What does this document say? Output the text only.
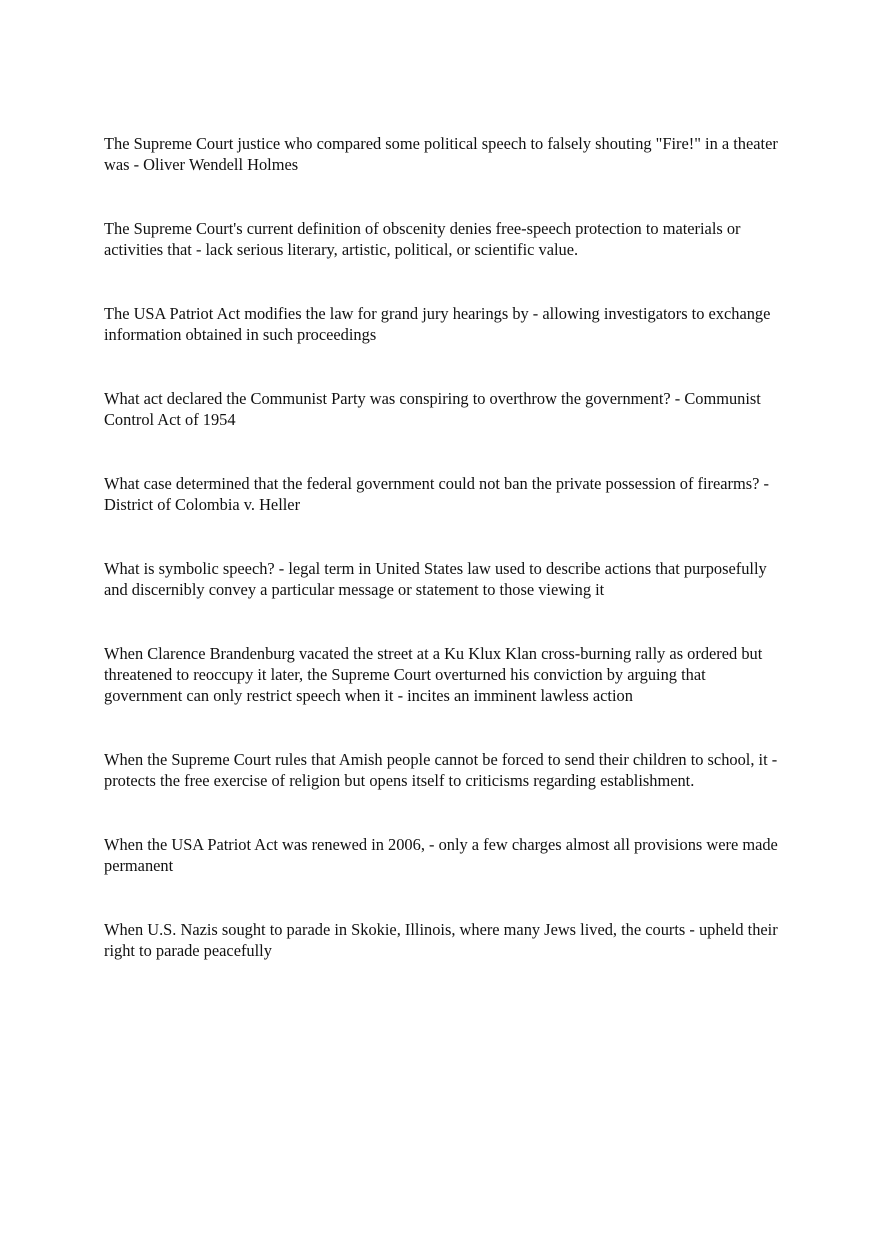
The Supreme Court justice who compared some political speech to falsely shouting "Fire!" in a theater was - Oliver Wendell Holmes

The Supreme Court's current definition of obscenity denies free-speech protection to materials or activities that - lack serious literary, artistic, political, or scientific value.

The USA Patriot Act modifies the law for grand jury hearings by - allowing investigators to exchange information obtained in such proceedings

What act declared the Communist Party was conspiring to overthrow the government? - Communist Control Act of 1954

What case determined that the federal government could not ban the private possession of firearms? - District of Colombia v. Heller

What is symbolic speech? - legal term in United States law used to describe actions that purposefully and discernibly convey a particular message or statement to those viewing it

When Clarence Brandenburg vacated the street at a Ku Klux Klan cross-burning rally as ordered but threatened to reoccupy it later, the Supreme Court overturned his conviction by arguing that government can only restrict speech when it - incites an imminent lawless action

When the Supreme Court rules that Amish people cannot be forced to send their children to school, it - protects the free exercise of religion but opens itself to criticisms regarding establishment.

When the USA Patriot Act was renewed in 2006, - only a few charges almost all provisions were made permanent

When U.S. Nazis sought to parade in Skokie, Illinois, where many Jews lived, the courts - upheld their right to parade peacefully
